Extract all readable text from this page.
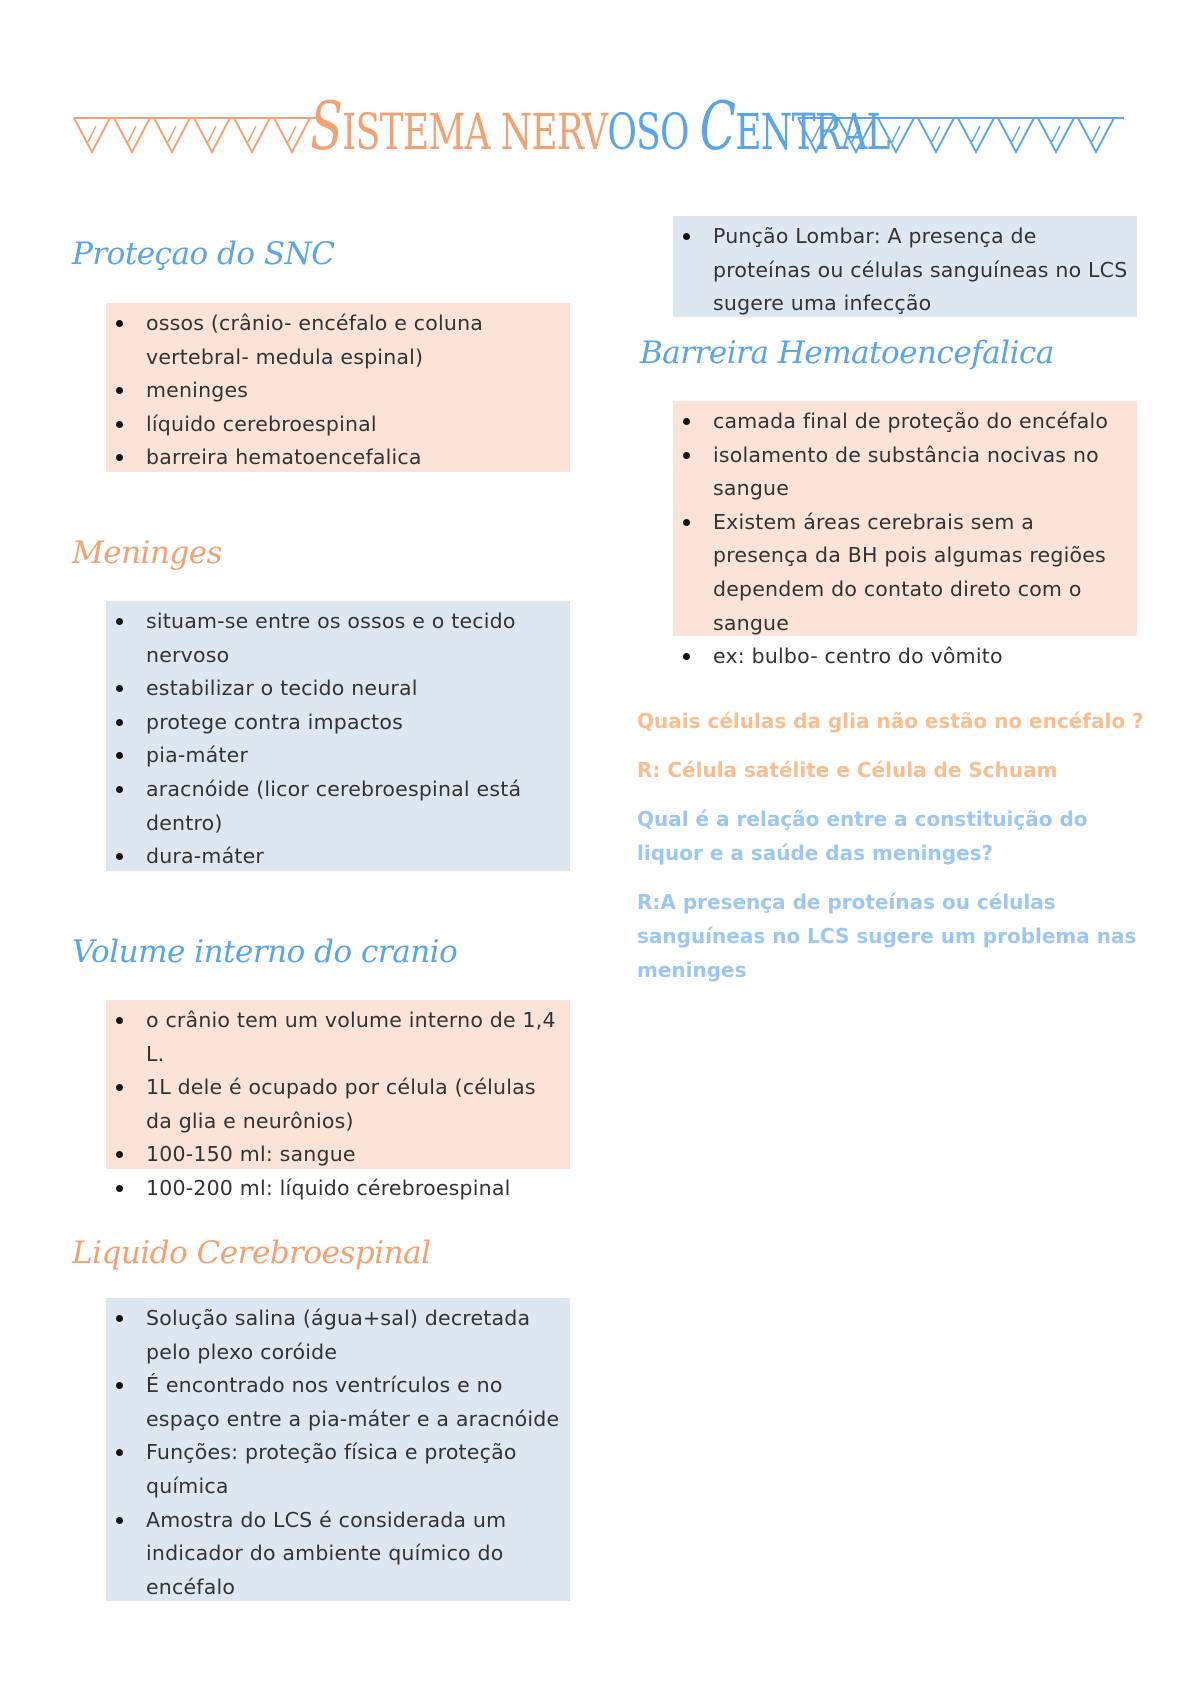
SISTEMA NERVOSO CENTRAL
Proteçao do SNC
ossos (crânio- encéfalo e coluna vertebral- medula espinal)
meninges
líquido cerebroespinal
barreira hematoencefalica
Meninges
situam-se entre os ossos e o tecido nervoso
estabilizar o tecido neural
protege contra impactos
pia-máter
aracnóide (licor cerebroespinal está dentro)
dura-máter
Volume interno do cranio
o crânio tem um volume interno de 1,4 L.
1L dele é ocupado por célula (células da glia e neurônios)
100-150 ml: sangue
100-200 ml: líquido cérebroespinal
Liquido Cerebroespinal
Solução salina (água+sal) decretada pelo plexo coróide
É encontrado nos ventrículos e no espaço entre a pia-máter e a aracnóide
Funções: proteção física e proteção química
Amostra do LCS é considerada um indicador do ambiente químico do encéfalo
Punção Lombar: A presença de proteínas ou células sanguíneas no LCS sugere uma infecção
Barreira Hematoencefalica
camada final de proteção do encéfalo
isolamento de substância nocivas no sangue
Existem áreas cerebrais sem a presença da BH pois algumas regiões dependem do contato direto com o sangue
ex: bulbo- centro do vômito
Quais células da glia não estão no encéfalo ?
R: Célula satélite e Célula de Schuam
Qual é a relação entre a constituição do liquor e a saúde das meninges?
R:A presença de proteínas ou células sanguíneas no LCS sugere um problema nas meninges
